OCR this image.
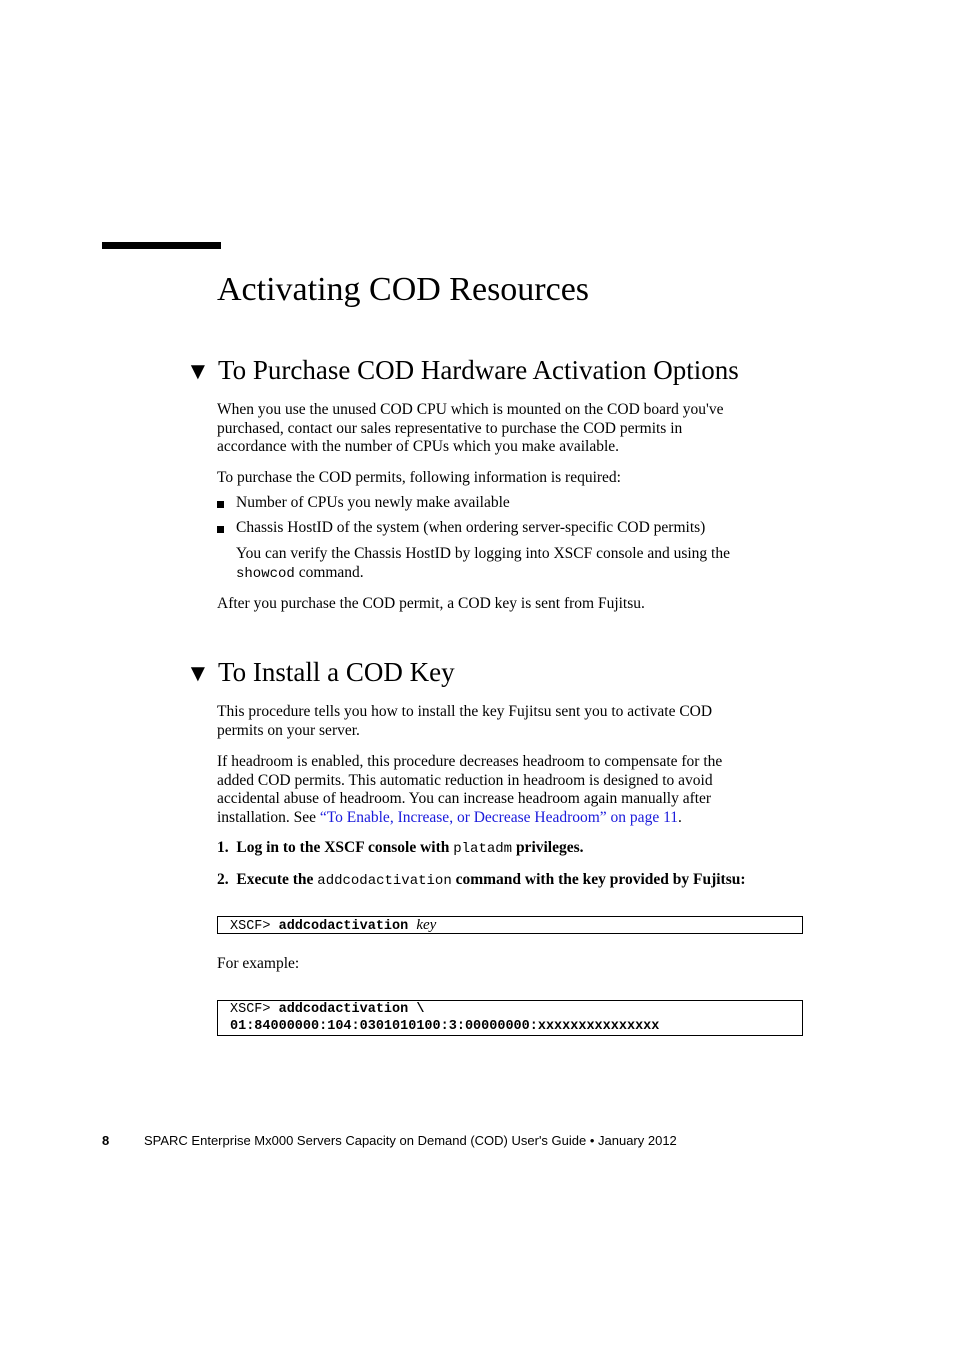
Activating COD Resources
▼ To Purchase COD Hardware Activation Options
When you use the unused COD CPU which is mounted on the COD board you've
purchased, contact our sales representative to purchase the COD permits in
accordance with the number of CPUs which you make available.

To purchase the COD permits, following information is required:

Number of CPUs you newly make available
Chassis HostID of the system (when ordering server-specific COD permits)
You can verify the Chassis HostID by logging into XSCF console and using the
showcod command.

After you purchase the COD permit, a COD key is sent from Fujitsu.

▼ To Install a COD Key
This procedure tells you how to install the key Fujitsu sent you to activate COD
permits on your server.
If headroom is enabled, this procedure decreases headroom to compensate for the
added COD permits. This automatic reduction in headroom is designed to avoid
accidental abuse of headroom. You can increase headroom again manually after
installation. See “To Enable, Increase, or Decrease Headroom” on page 11.
1. Log in to the XSCF console with platadm privileges.
2. Execute the addcodactivation command with the key provided by Fujitsu:
XSCF> addcodactivation key

For example:

XSCF> addcodactivation \
01:84000000:104:0301010100:3:00000000:xxxxxxxxxxxxxxx
8	SPARC Enterprise Mx000 Servers Capacity on Demand (COD) User's Guide • January 2012
